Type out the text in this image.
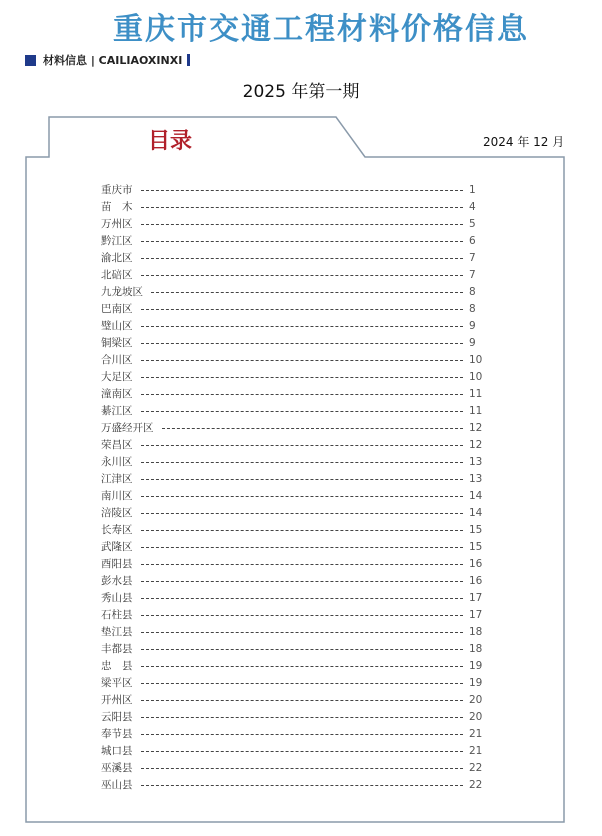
重庆市交通工程材料价格信息
材料信息 | CAILIAOXINXI
2025 年第一期
目录	2024 年 12 月
重庆市	1
苗　木	4
万州区	5
黔江区	6
渝北区	7
北碚区	7
九龙坡区	8
巴南区	8
璧山区	9
铜梁区	9
合川区	10
大足区	10
潼南区	11
綦江区	11
万盛经开区	12
荣昌区	12
永川区	13
江津区	13
南川区	14
涪陵区	14
长寿区	15
武隆区	15
酉阳县	16
彭水县	16
秀山县	17
石柱县	17
垫江县	18
丰都县	18
忠　县	19
梁平区	19
开州区	20
云阳县	20
奉节县	21
城口县	21
巫溪县	22
巫山县	22
